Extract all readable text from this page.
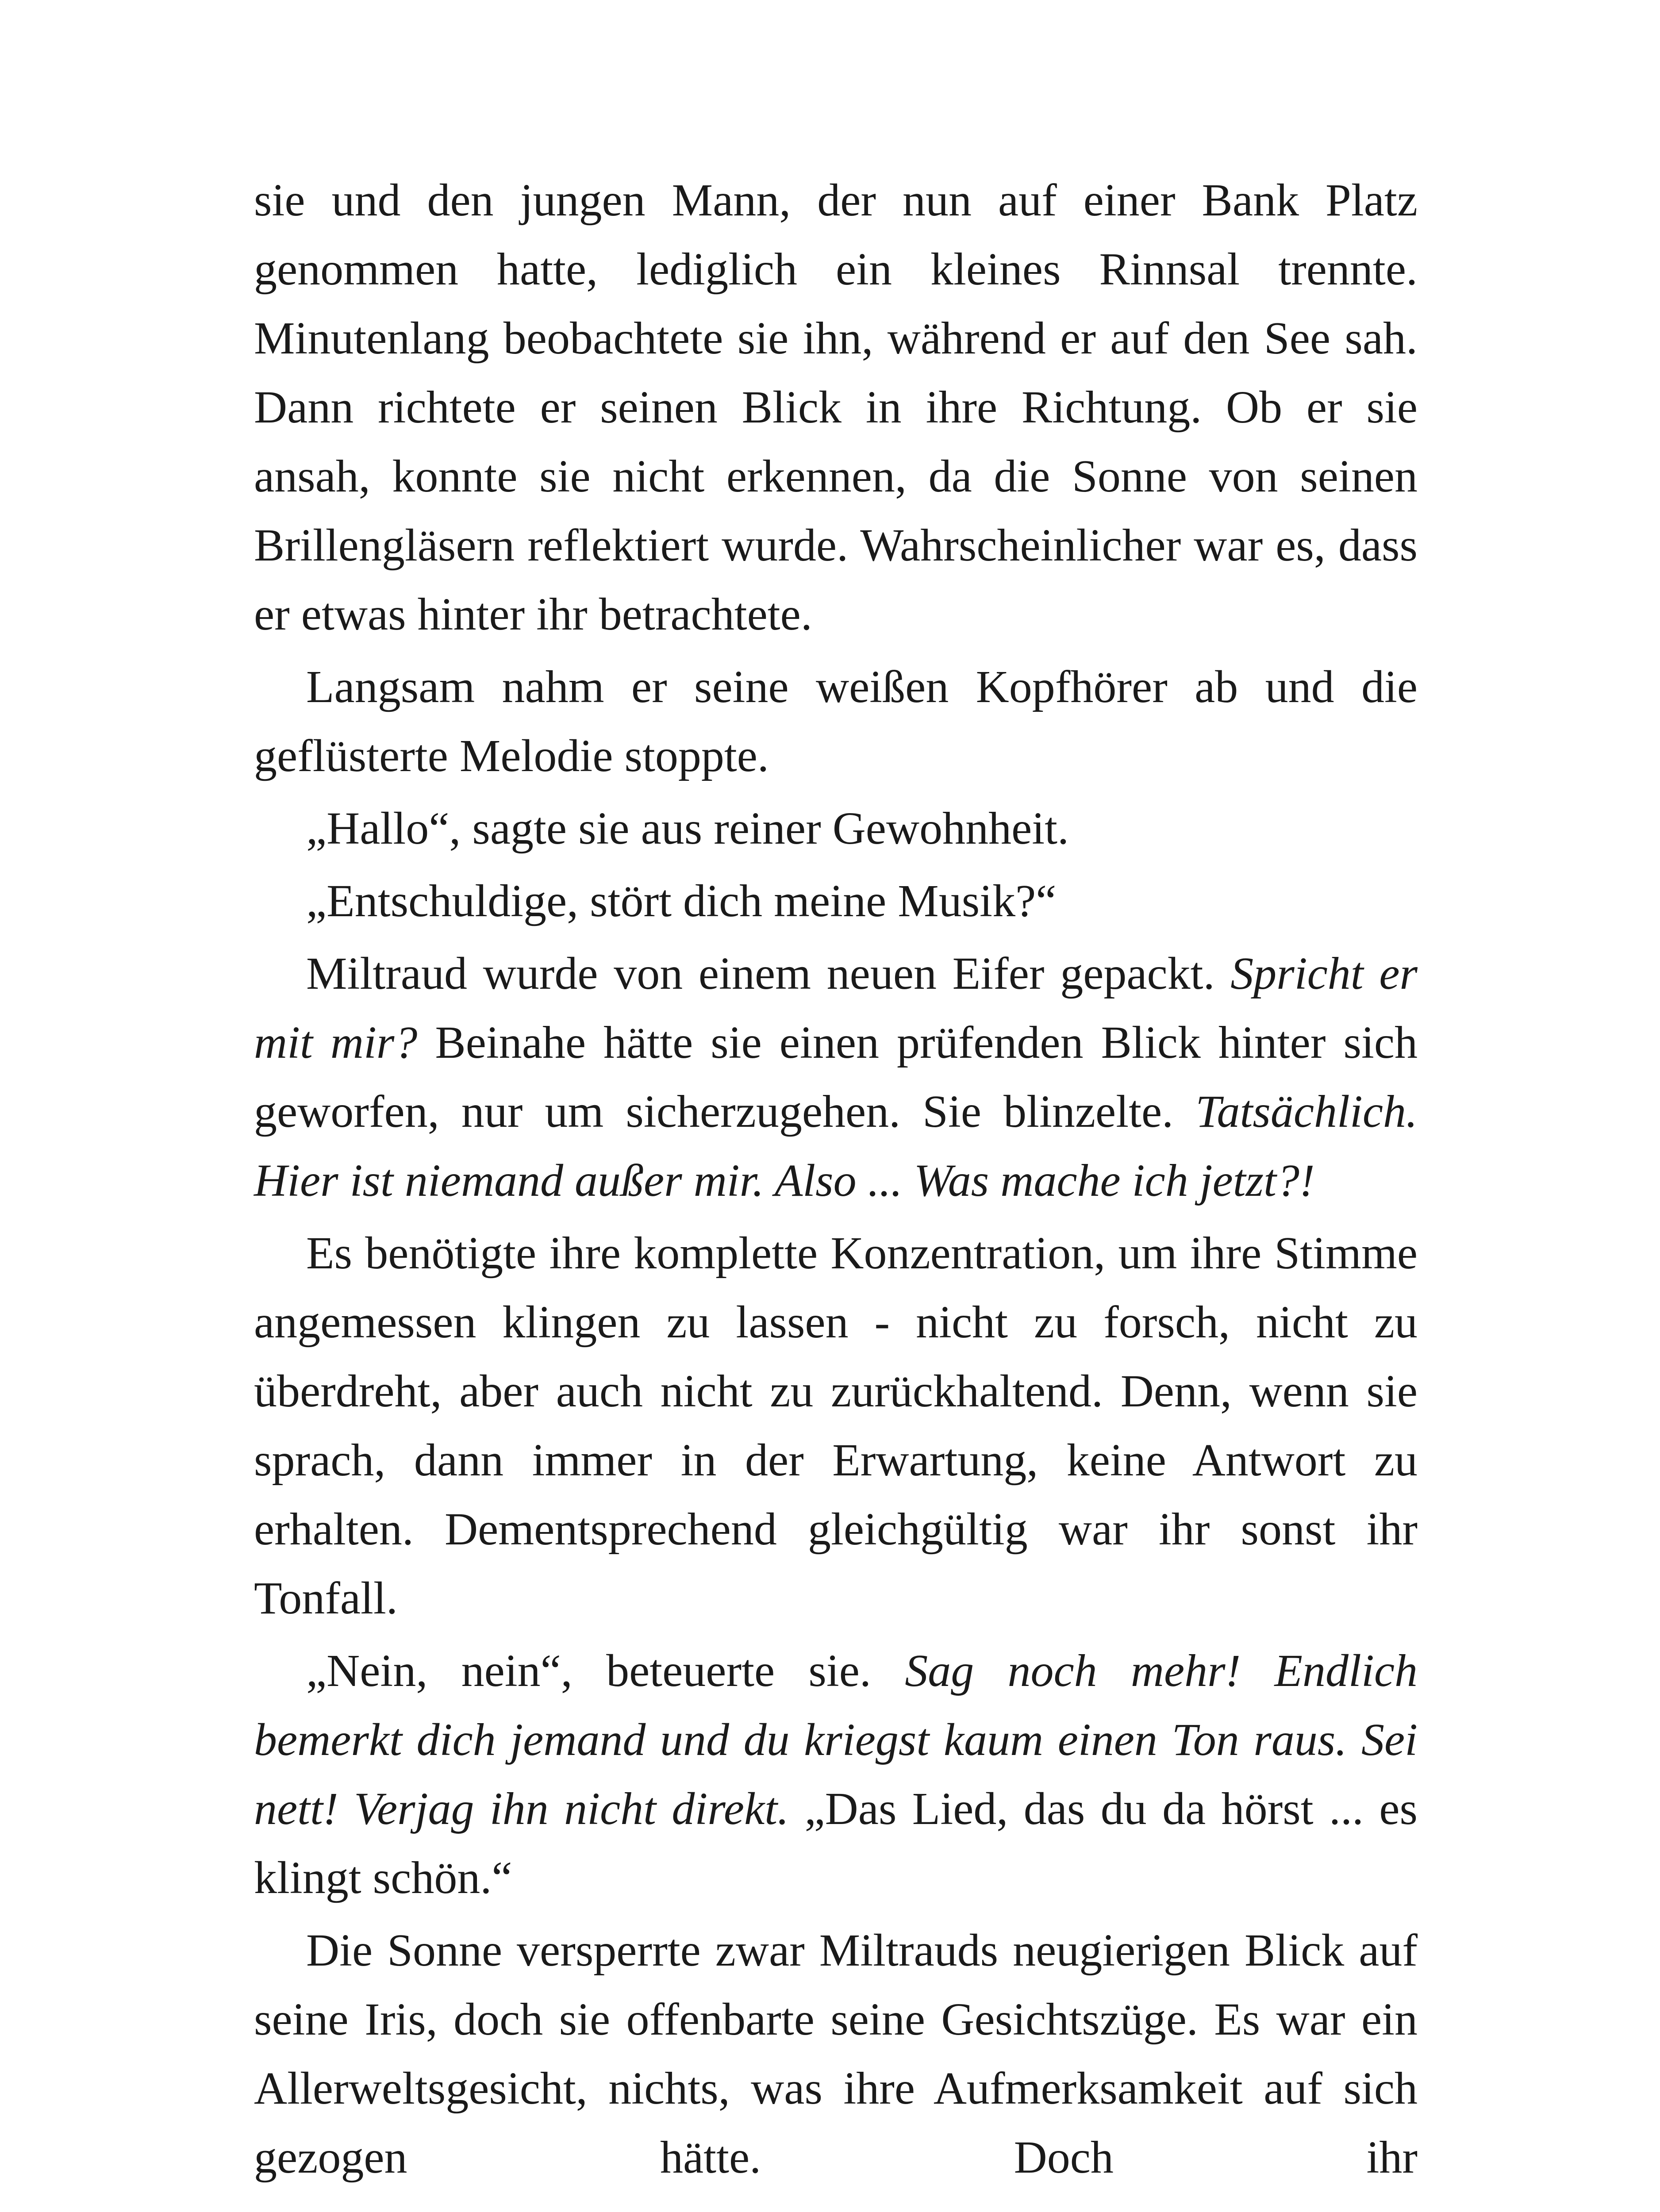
sie und den jungen Mann, der nun auf einer Bank Platz genommen hatte, lediglich ein kleines Rinnsal trennte. Minutenlang beobachtete sie ihn, während er auf den See sah. Dann richtete er seinen Blick in ihre Richtung. Ob er sie ansah, konnte sie nicht erkennen, da die Sonne von seinen Brillengläsern reflektiert wurde. Wahrscheinlicher war es, dass er etwas hinter ihr betrachtete.

Langsam nahm er seine weißen Kopfhörer ab und die geflüsterte Melodie stoppte.

„Hallo“, sagte sie aus reiner Gewohnheit.

„Entschuldige, stört dich meine Musik?“

Miltraud wurde von einem neuen Eifer gepackt. Spricht er mit mir? Beinahe hätte sie einen prüfenden Blick hinter sich geworfen, nur um sicherzugehen. Sie blinzelte. Tatsächlich. Hier ist niemand außer mir. Also ... Was mache ich jetzt?!

Es benötigte ihre komplette Konzentration, um ihre Stimme angemessen klingen zu lassen - nicht zu forsch, nicht zu überdreht, aber auch nicht zu zurückhaltend. Denn, wenn sie sprach, dann immer in der Erwartung, keine Antwort zu erhalten. Dementsprechend gleichgültig war ihr sonst ihr Tonfall.

„Nein, nein“, beteuerte sie. Sag noch mehr! Endlich bemerkt dich jemand und du kriegst kaum einen Ton raus. Sei nett! Verjag ihn nicht direkt. „Das Lied, das du da hörst ... es klingt schön.“

Die Sonne versperrte zwar Miltrauds neugierigen Blick auf seine Iris, doch sie offenbarte seine Gesichtszüge. Es war ein Allerweltsgesicht, nichts, was ihre Aufmerksamkeit auf sich gezogen hätte. Doch ihr
